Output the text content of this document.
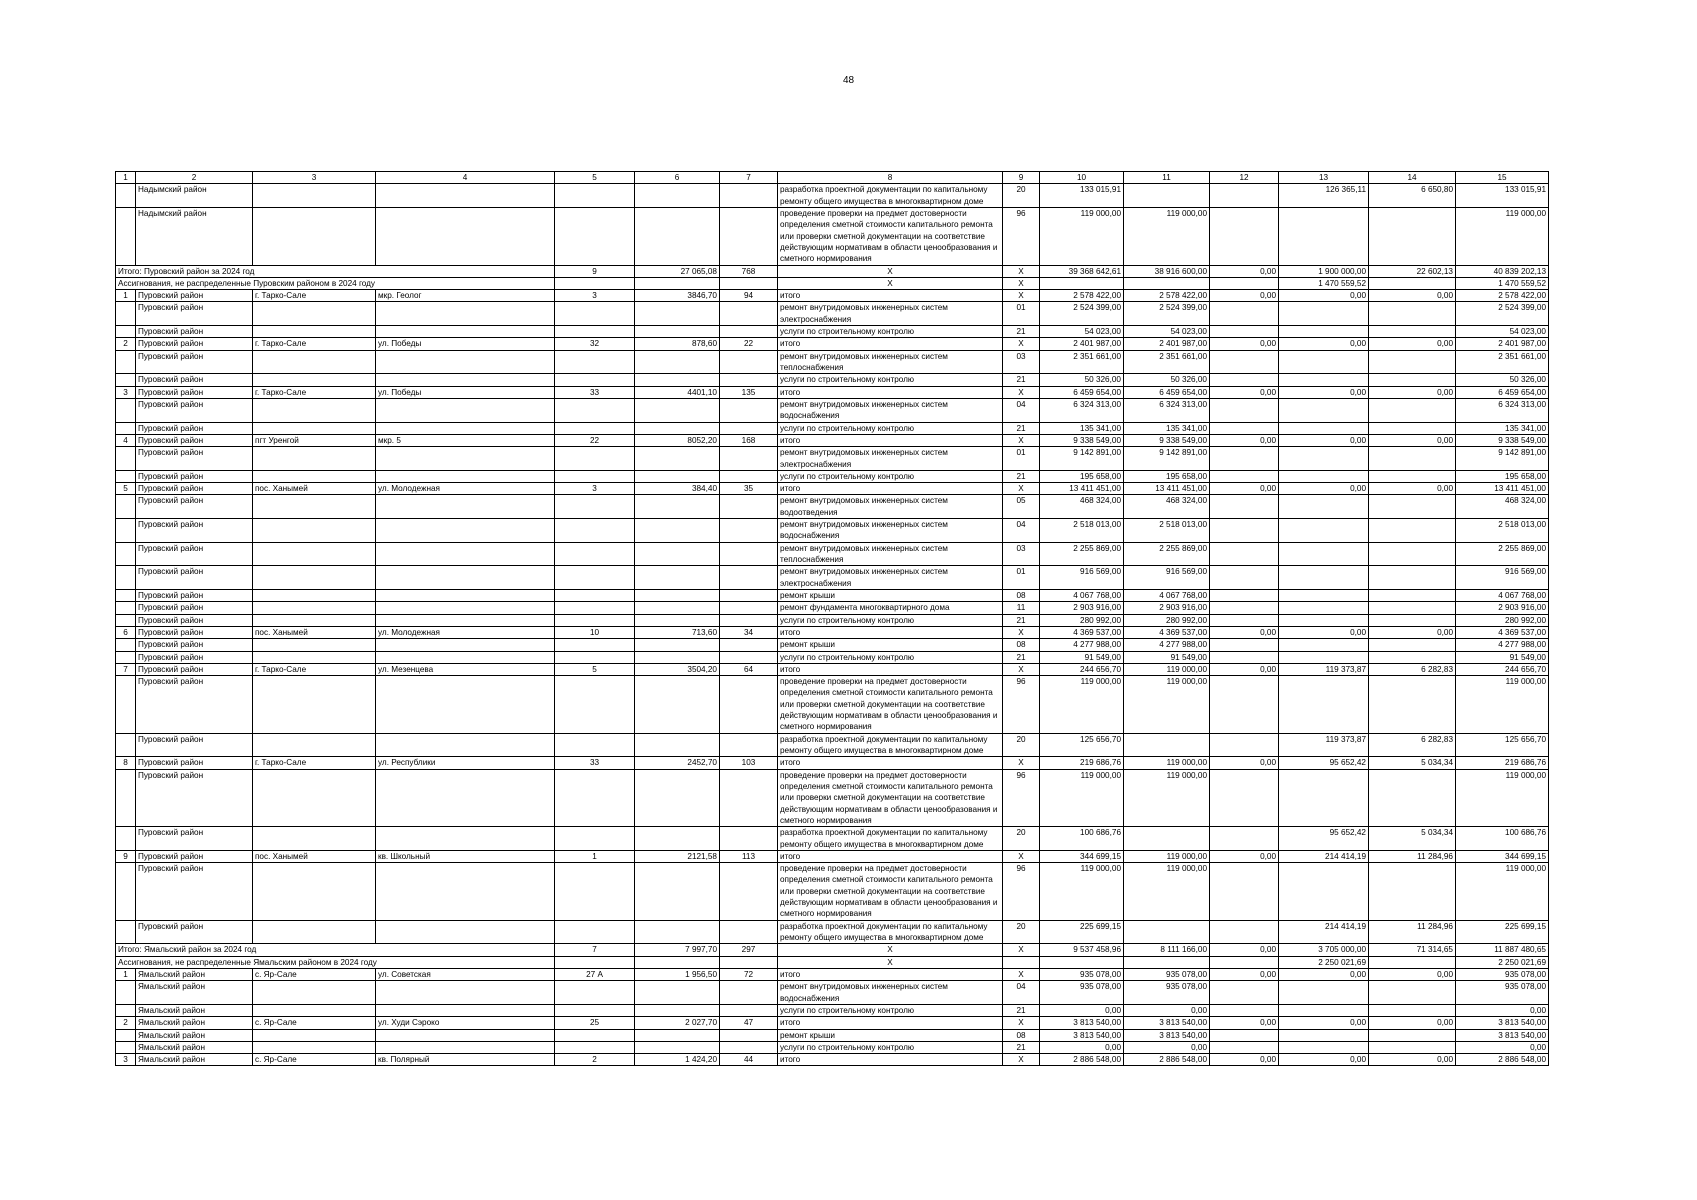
48
1	2	3	4	5	6	7	8	9	10	11	12	13	14	15
	Надымский район						разработка проектной документации по капитальному ремонту общего имущества в многоквартирном доме	20	133 015,91			126 365,11	6 650,80	133 015,91
	Надымский район						проведение проверки на предмет достоверности определения сметной стоимости капитального ремонта или проверки сметной документации на соответствие действующим нормативам в области ценообразования и сметного нормирования	96	119 000,00	119 000,00				119 000,00
Итого: Пуровский район за 2024 год				9	27 065,08	768	X	X	39 368 642,61	38 916 600,00	0,00	1 900 000,00	22 602,13	40 839 202,13
Ассигнования, не распределенные Пуровским районом в 2024 году							X	X				1 470 559,52		1 470 559,52
1	Пуровский район	г. Тарко-Сале	мкр. Геолог	3	3846,70	94	итого	X	2 578 422,00	2 578 422,00	0,00	0,00	0,00	2 578 422,00
	Пуровский район						ремонт внутридомовых инженерных систем электроснабжения	01	2 524 399,00	2 524 399,00				2 524 399,00
	Пуровский район						услуги по строительному контролю	21	54 023,00	54 023,00				54 023,00
2	Пуровский район	г. Тарко-Сале	ул. Победы	32	878,60	22	итого	X	2 401 987,00	2 401 987,00	0,00	0,00	0,00	2 401 987,00
	Пуровский район						ремонт внутридомовых инженерных систем теплоснабжения	03	2 351 661,00	2 351 661,00				2 351 661,00
	Пуровский район						услуги по строительному контролю	21	50 326,00	50 326,00				50 326,00
3	Пуровский район	г. Тарко-Сале	ул. Победы	33	4401,10	135	итого	X	6 459 654,00	6 459 654,00	0,00	0,00	0,00	6 459 654,00
	Пуровский район						ремонт внутридомовых инженерных систем водоснабжения	04	6 324 313,00	6 324 313,00				6 324 313,00
	Пуровский район						услуги по строительному контролю	21	135 341,00	135 341,00				135 341,00
4	Пуровский район	пгт Уренгой	мкр. 5	22	8052,20	168	итого	X	9 338 549,00	9 338 549,00	0,00	0,00	0,00	9 338 549,00
	Пуровский район						ремонт внутридомовых инженерных систем электроснабжения	01	9 142 891,00	9 142 891,00				9 142 891,00
	Пуровский район						услуги по строительному контролю	21	195 658,00	195 658,00				195 658,00
5	Пуровский район	пос. Ханымей	ул. Молодежная	3	384,40	35	итого	X	13 411 451,00	13 411 451,00	0,00	0,00	0,00	13 411 451,00
	Пуровский район						ремонт внутридомовых инженерных систем водоотведения	05	468 324,00	468 324,00				468 324,00
	Пуровский район						ремонт внутридомовых инженерных систем водоснабжения	04	2 518 013,00	2 518 013,00				2 518 013,00
	Пуровский район						ремонт внутридомовых инженерных систем теплоснабжения	03	2 255 869,00	2 255 869,00				2 255 869,00
	Пуровский район						ремонт внутридомовых инженерных систем электроснабжения	01	916 569,00	916 569,00				916 569,00
	Пуровский район						ремонт крыши	08	4 067 768,00	4 067 768,00				4 067 768,00
	Пуровский район						ремонт фундамента многоквартирного дома	11	2 903 916,00	2 903 916,00				2 903 916,00
	Пуровский район						услуги по строительному контролю	21	280 992,00	280 992,00				280 992,00
6	Пуровский район	пос. Ханымей	ул. Молодежная	10	713,60	34	итого	X	4 369 537,00	4 369 537,00	0,00	0,00	0,00	4 369 537,00
	Пуровский район						ремонт крыши	08	4 277 988,00	4 277 988,00				4 277 988,00
	Пуровский район						услуги по строительному контролю	21	91 549,00	91 549,00				91 549,00
7	Пуровский район	г. Тарко-Сале	ул. Мезенцева	5	3504,20	64	итого	X	244 656,70	119 000,00	0,00	119 373,87	6 282,83	244 656,70
	Пуровский район						проведение проверки на предмет достоверности определения сметной стоимости капитального ремонта или проверки сметной документации на соответствие действующим нормативам в области ценообразования и сметного нормирования	96	119 000,00	119 000,00				119 000,00
	Пуровский район						разработка проектной документации по капитальному ремонту общего имущества в многоквартирном доме	20	125 656,70			119 373,87	6 282,83	125 656,70
8	Пуровский район	г. Тарко-Сале	ул. Республики	33	2452,70	103	итого	X	219 686,76	119 000,00	0,00	95 652,42	5 034,34	219 686,76
	Пуровский район						проведение проверки на предмет достоверности определения сметной стоимости капитального ремонта или проверки сметной документации на соответствие действующим нормативам в области ценообразования и сметного нормирования	96	119 000,00	119 000,00				119 000,00
	Пуровский район						разработка проектной документации по капитальному ремонту общего имущества в многоквартирном доме	20	100 686,76			95 652,42	5 034,34	100 686,76
9	Пуровский район	пос. Ханымей	кв. Школьный	1	2121,58	113	итого	X	344 699,15	119 000,00	0,00	214 414,19	11 284,96	344 699,15
	Пуровский район						проведение проверки на предмет достоверности определения сметной стоимости капитального ремонта или проверки сметной документации на соответствие действующим нормативам в области ценообразования и сметного нормирования	96	119 000,00	119 000,00				119 000,00
	Пуровский район						разработка проектной документации по капитальному ремонту общего имущества в многоквартирном доме	20	225 699,15			214 414,19	11 284,96	225 699,15
Итого: Ямальский район за 2024 год				7	7 997,70	297	X	X	9 537 458,96	8 111 166,00	0,00	3 705 000,00	71 314,65	11 887 480,65
Ассигнования, не распределенные Ямальским районом в 2024 году							X					2 250 021,69		2 250 021,69
1	Ямальский район	с. Яр-Сале	ул. Советская	27 А	1 956,50	72	итого	X	935 078,00	935 078,00	0,00	0,00	0,00	935 078,00
	Ямальский район						ремонт внутридомовых инженерных систем водоснабжения	04	935 078,00	935 078,00				935 078,00
	Ямальский район						услуги по строительному контролю	21	0,00	0,00				0,00
2	Ямальский район	с. Яр-Сале	ул. Худи Сэроко	25	2 027,70	47	итого	X	3 813 540,00	3 813 540,00	0,00	0,00	0,00	3 813 540,00
	Ямальский район						ремонт крыши	08	3 813 540,00	3 813 540,00				3 813 540,00
	Ямальский район						услуги по строительному контролю	21	0,00	0,00				0,00
3	Ямальский район	с. Яр-Сале	кв. Полярный	2	1 424,20	44	итого	X	2 886 548,00	2 886 548,00	0,00	0,00	0,00	2 886 548,00
